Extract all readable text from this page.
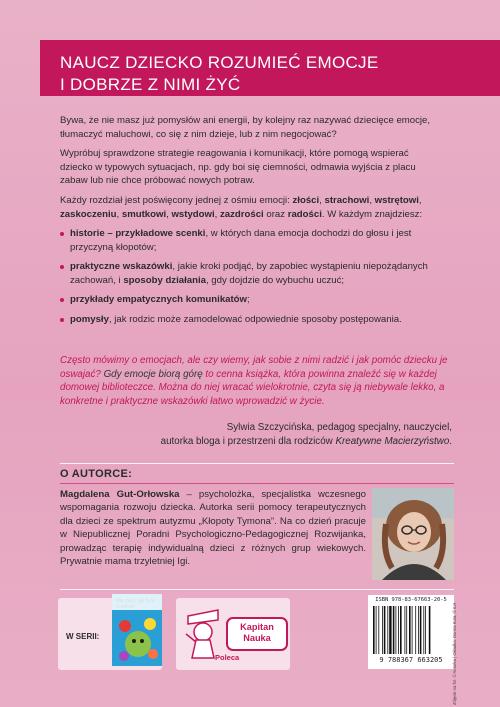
NAUCZ DZIECKO ROZUMIEĆ EMOCJE
I DOBRZE Z NIMI ŻYĆ

Bywa, że nie masz już pomysłów ani energii, by kolejny raz nazywać dziecięce emocje, tłumaczyć maluchowi, co się z nim dzieje, lub z nim negocjować?

Wypróbuj sprawdzone strategie reagowania i komunikacji, które pomogą wspierać dziecko w typowych sytuacjach, np. gdy boi się ciemności, odmawia wyjścia z placu zabaw lub nie chce próbować nowych potraw.

Każdy rozdział jest poświęcony jednej z ośmiu emocji: złości, strachowi, wstrętowi, zaskoczeniu, smutkowi, wstydowi, zazdrości oraz radości. W każdym znajdziesz:

historie – przykładowe scenki, w których dana emocja dochodzi do głosu i jest przyczyną kłopotów;
praktyczne wskazówki, jakie kroki podjąć, by zapobiec wystąpieniu niepożądanych zachowań, i sposoby działania, gdy dojdzie do wybuchu uczuć;
przykłady empatycznych komunikatów;
pomysły, jak rodzic może zamodelować odpowiednie sposoby postępowania.
Często mówimy o emocjach, ale czy wiemy, jak sobie z nimi radzić i jak pomóc dziecku je oswajać? Gdy emocje biorą górę to cenna książka, która powinna znaleźć się w każdej domowej biblioteczce. Można do niej wracać wielokrotnie, czyta się ją niebywale lekko, a konkretne i praktyczne wskazówki łatwo wprowadzić w życie.
Sylwia Szczycińska, pedagog specjalny, nauczyciel,
autorka bloga i przestrzeni dla rodziców Kreatywne Macierzyństwo.
O AUTORCE:
Magdalena Gut-Orłowska – psycholożka, specjalistka wczesnego wspomagania rozwoju dziecka. Autorka serii pomocy terapeutycznych dla dzieci ze spektrum autyzmu „Kłopoty Tymona”. Na co dzień pracuje w Niepublicznej Poradni Psychologiczno-Pedagogicznej Rozwijanka, prowadząc terapię indywidualną dzieci z różnych grup wiekowych. Prywatnie mama trzyletniej Igi.
W SERII:
Kapitan
Nauka
Poleca
ISBN 978-83-67663-20-5
9 788367 663205	Zdjęcie na fot. © Autorka | Okładka: Dorota Kuta, © ILH
